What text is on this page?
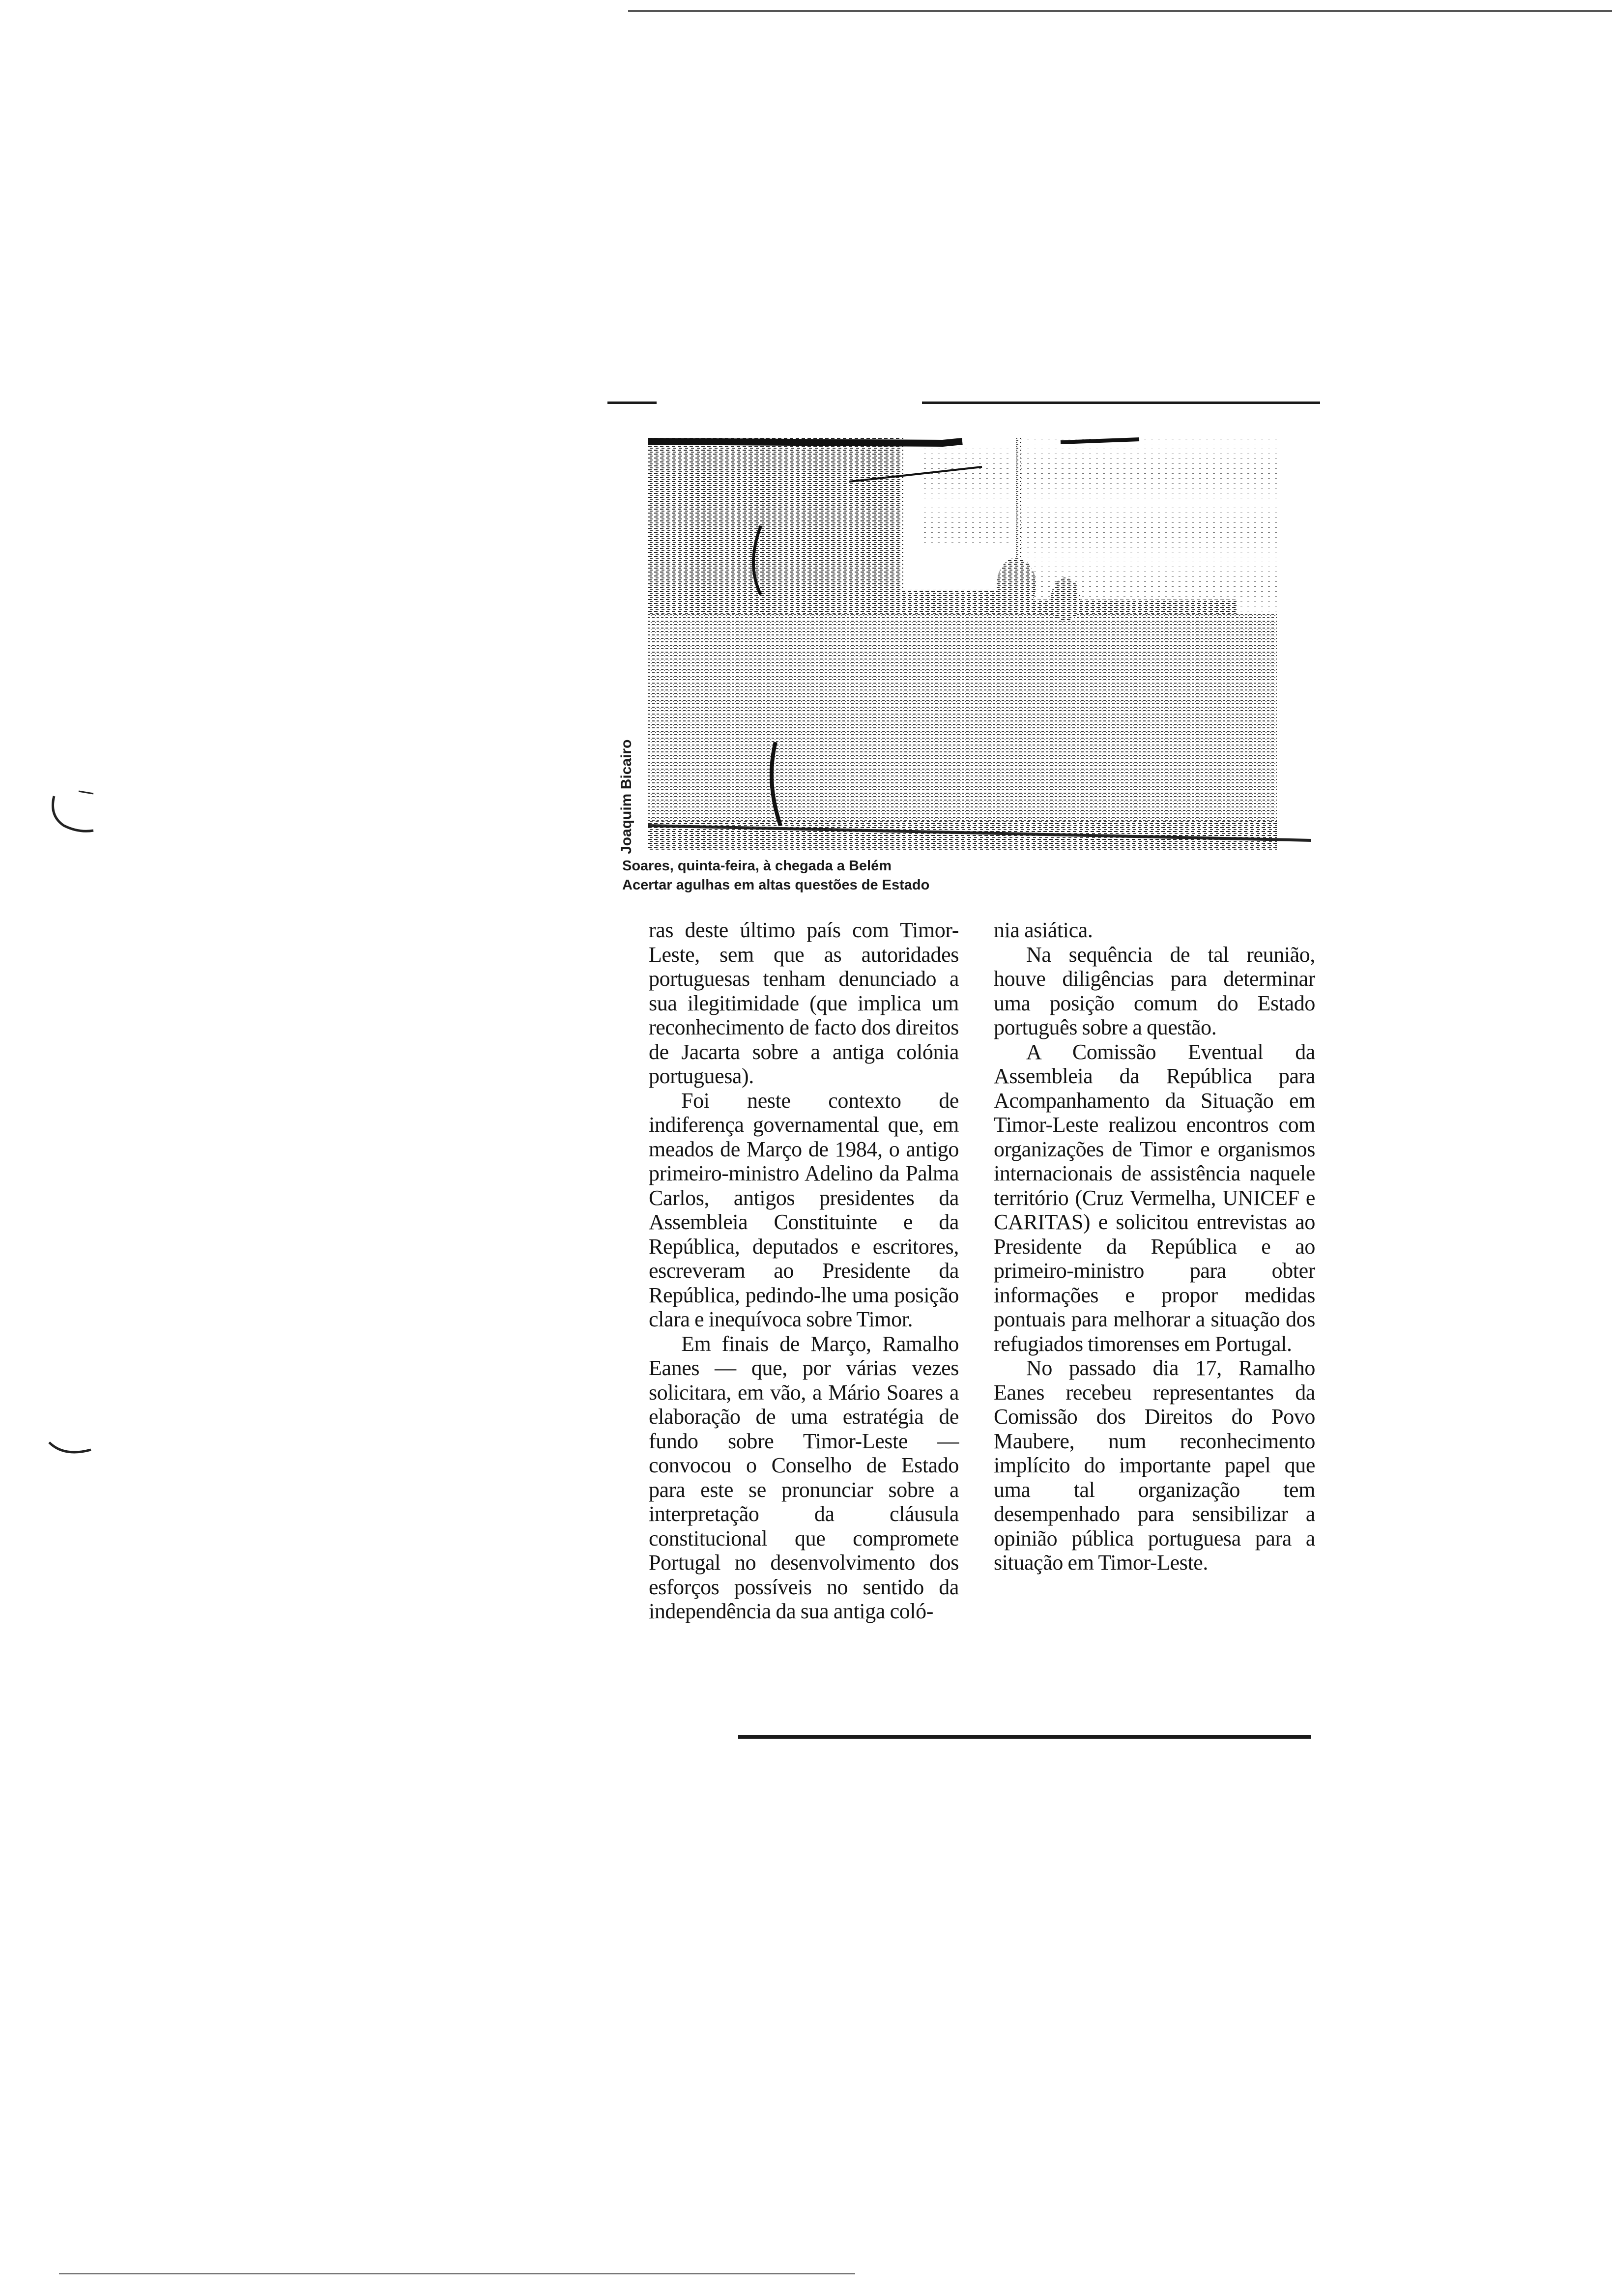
Joaquim Bicairo
Soares, quinta-feira, à chegada a Belém
Acertar agulhas em altas questões de Estado

ras deste último país com Timor-Leste, sem que as autoridades portuguesas tenham denunciado a sua ilegitimidade (que implica um reconhecimento de facto dos direitos de Jacarta sobre a antiga colónia portuguesa).

Foi neste contexto de indiferença governamental que, em meados de Março de 1984, o antigo primeiro-ministro Adelino da Palma Carlos, antigos presidentes da Assembleia Constituinte e da República, deputados e escritores, escreveram ao Presidente da República, pedindo-lhe uma posição clara e inequívoca sobre Timor.

Em finais de Março, Ramalho Eanes — que, por várias vezes solicitara, em vão, a Mário Soares a elaboração de uma estratégia de fundo sobre Timor-Leste — convocou o Conselho de Estado para este se pronunciar sobre a interpretação da cláusula constitucional que compromete Portugal no desenvolvimento dos esforços possíveis no sentido da independência da sua antiga coló-

nia asiática.

Na sequência de tal reunião, houve diligências para determinar uma posição comum do Estado português sobre a questão.

A Comissão Eventual da Assembleia da República para Acompanhamento da Situação em Timor-Leste realizou encontros com organizações de Timor e organismos internacionais de assistência naquele território (Cruz Vermelha, UNICEF e CARITAS) e solicitou entrevistas ao Presidente da República e ao primeiro-ministro para obter informações e propor medidas pontuais para melhorar a situação dos refugiados timorenses em Portugal.

No passado dia 17, Ramalho Eanes recebeu representantes da Comissão dos Direitos do Povo Maubere, num reconhecimento implícito do importante papel que uma tal organização tem desempenhado para sensibilizar a opinião pública portuguesa para a situação em Timor-Leste.
